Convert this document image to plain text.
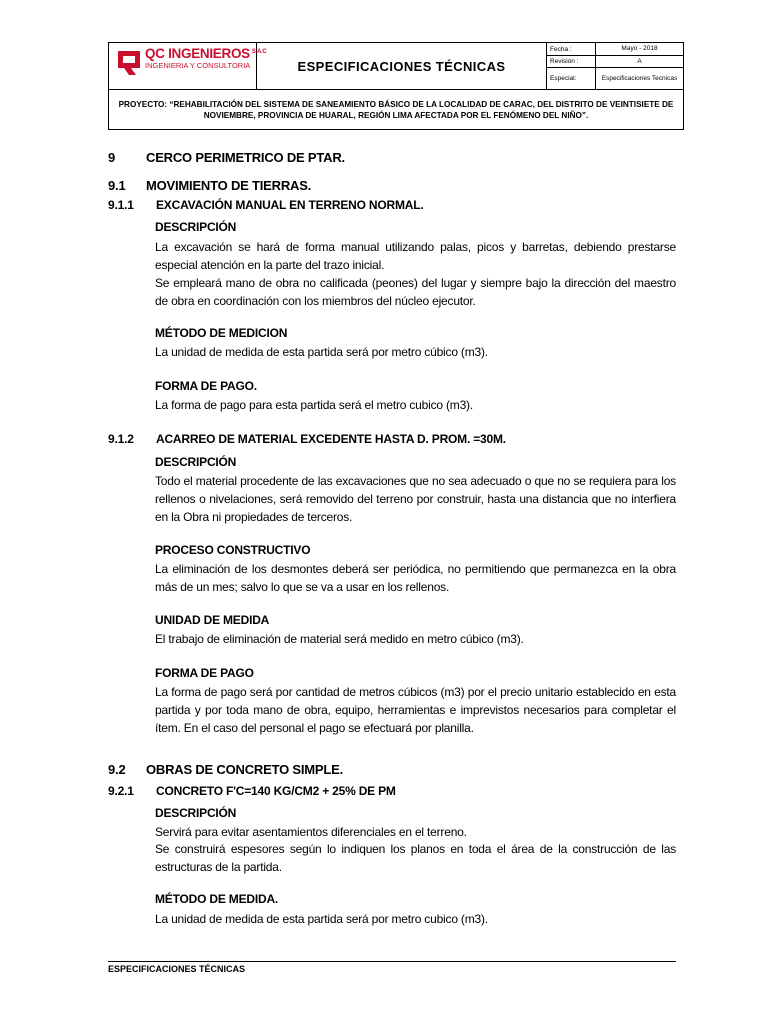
QC INGENIEROS $^{S.A.C}$
INGENIERIA Y CONSULTORIA	ESPECIFICACIONES TÉCNICAS
Fecha :	Mayo - 2018
Revisión :	A
Especial:	Especificaciones Tecnicas
PROYECTO: “REHABILITACIÓN DEL SISTEMA DE SANEAMIENTO BÁSICO DE LA LOCALIDAD DE CARAC, DEL DISTRITO DE VEINTISIETE DE NOVIEMBRE, PROVINCIA DE HUARAL, REGIÓN LIMA AFECTADA POR EL FENÓMENO DEL NIÑO”.
9 CERCO PERIMETRICO DE PTAR.
9.1 MOVIMIENTO DE TIERRAS.
9.1.1 EXCAVACIÓN MANUAL EN TERRENO NORMAL.
DESCRIPCIÓN

La excavación se hará de forma manual utilizando palas, picos y barretas, debiendo prestarse especial atención en la parte del trazo inicial.

Se empleará mano de obra no calificada (peones) del lugar y siempre bajo la dirección del maestro de obra en coordinación con los miembros del núcleo ejecutor.

MÉTODO DE MEDICION

La unidad de medida de esta partida será por metro cúbico (m3).

FORMA DE PAGO.

La forma de pago para esta partida será el metro cubico (m3).

9.1.2 ACARREO DE MATERIAL EXCEDENTE HASTA D. PROM. =30M.
DESCRIPCIÓN

Todo el material procedente de las excavaciones que no sea adecuado o que no se requiera para los rellenos o nivelaciones, será removido del terreno por construir, hasta una distancia que no interfiera en la Obra ni propiedades de terceros.

PROCESO CONSTRUCTIVO

La eliminación de los desmontes deberá ser periódica, no permitiendo que permanezca en la obra más de un mes; salvo lo que se va a usar en los rellenos.

UNIDAD DE MEDIDA

El trabajo de eliminación de material será medido en metro cúbico (m3).

FORMA DE PAGO

La forma de pago será por cantidad de metros cúbicos (m3) por el precio unitario establecido en esta partida y por toda mano de obra, equipo, herramientas e imprevistos necesarios para completar el ítem. En el caso del personal el pago se efectuará por planilla.

9.2 OBRAS DE CONCRETO SIMPLE.
9.2.1 CONCRETO F'C=140 KG/CM2 + 25% DE PM
DESCRIPCIÓN

Servirá para evitar asentamientos diferenciales en el terreno.

Se construirá espesores según lo indiquen los planos en toda el área de la construcción de las estructuras de la partida.

MÉTODO DE MEDIDA.

La unidad de medida de esta partida será por metro cubico (m3).

ESPECIFICACIONES TÉCNICAS
